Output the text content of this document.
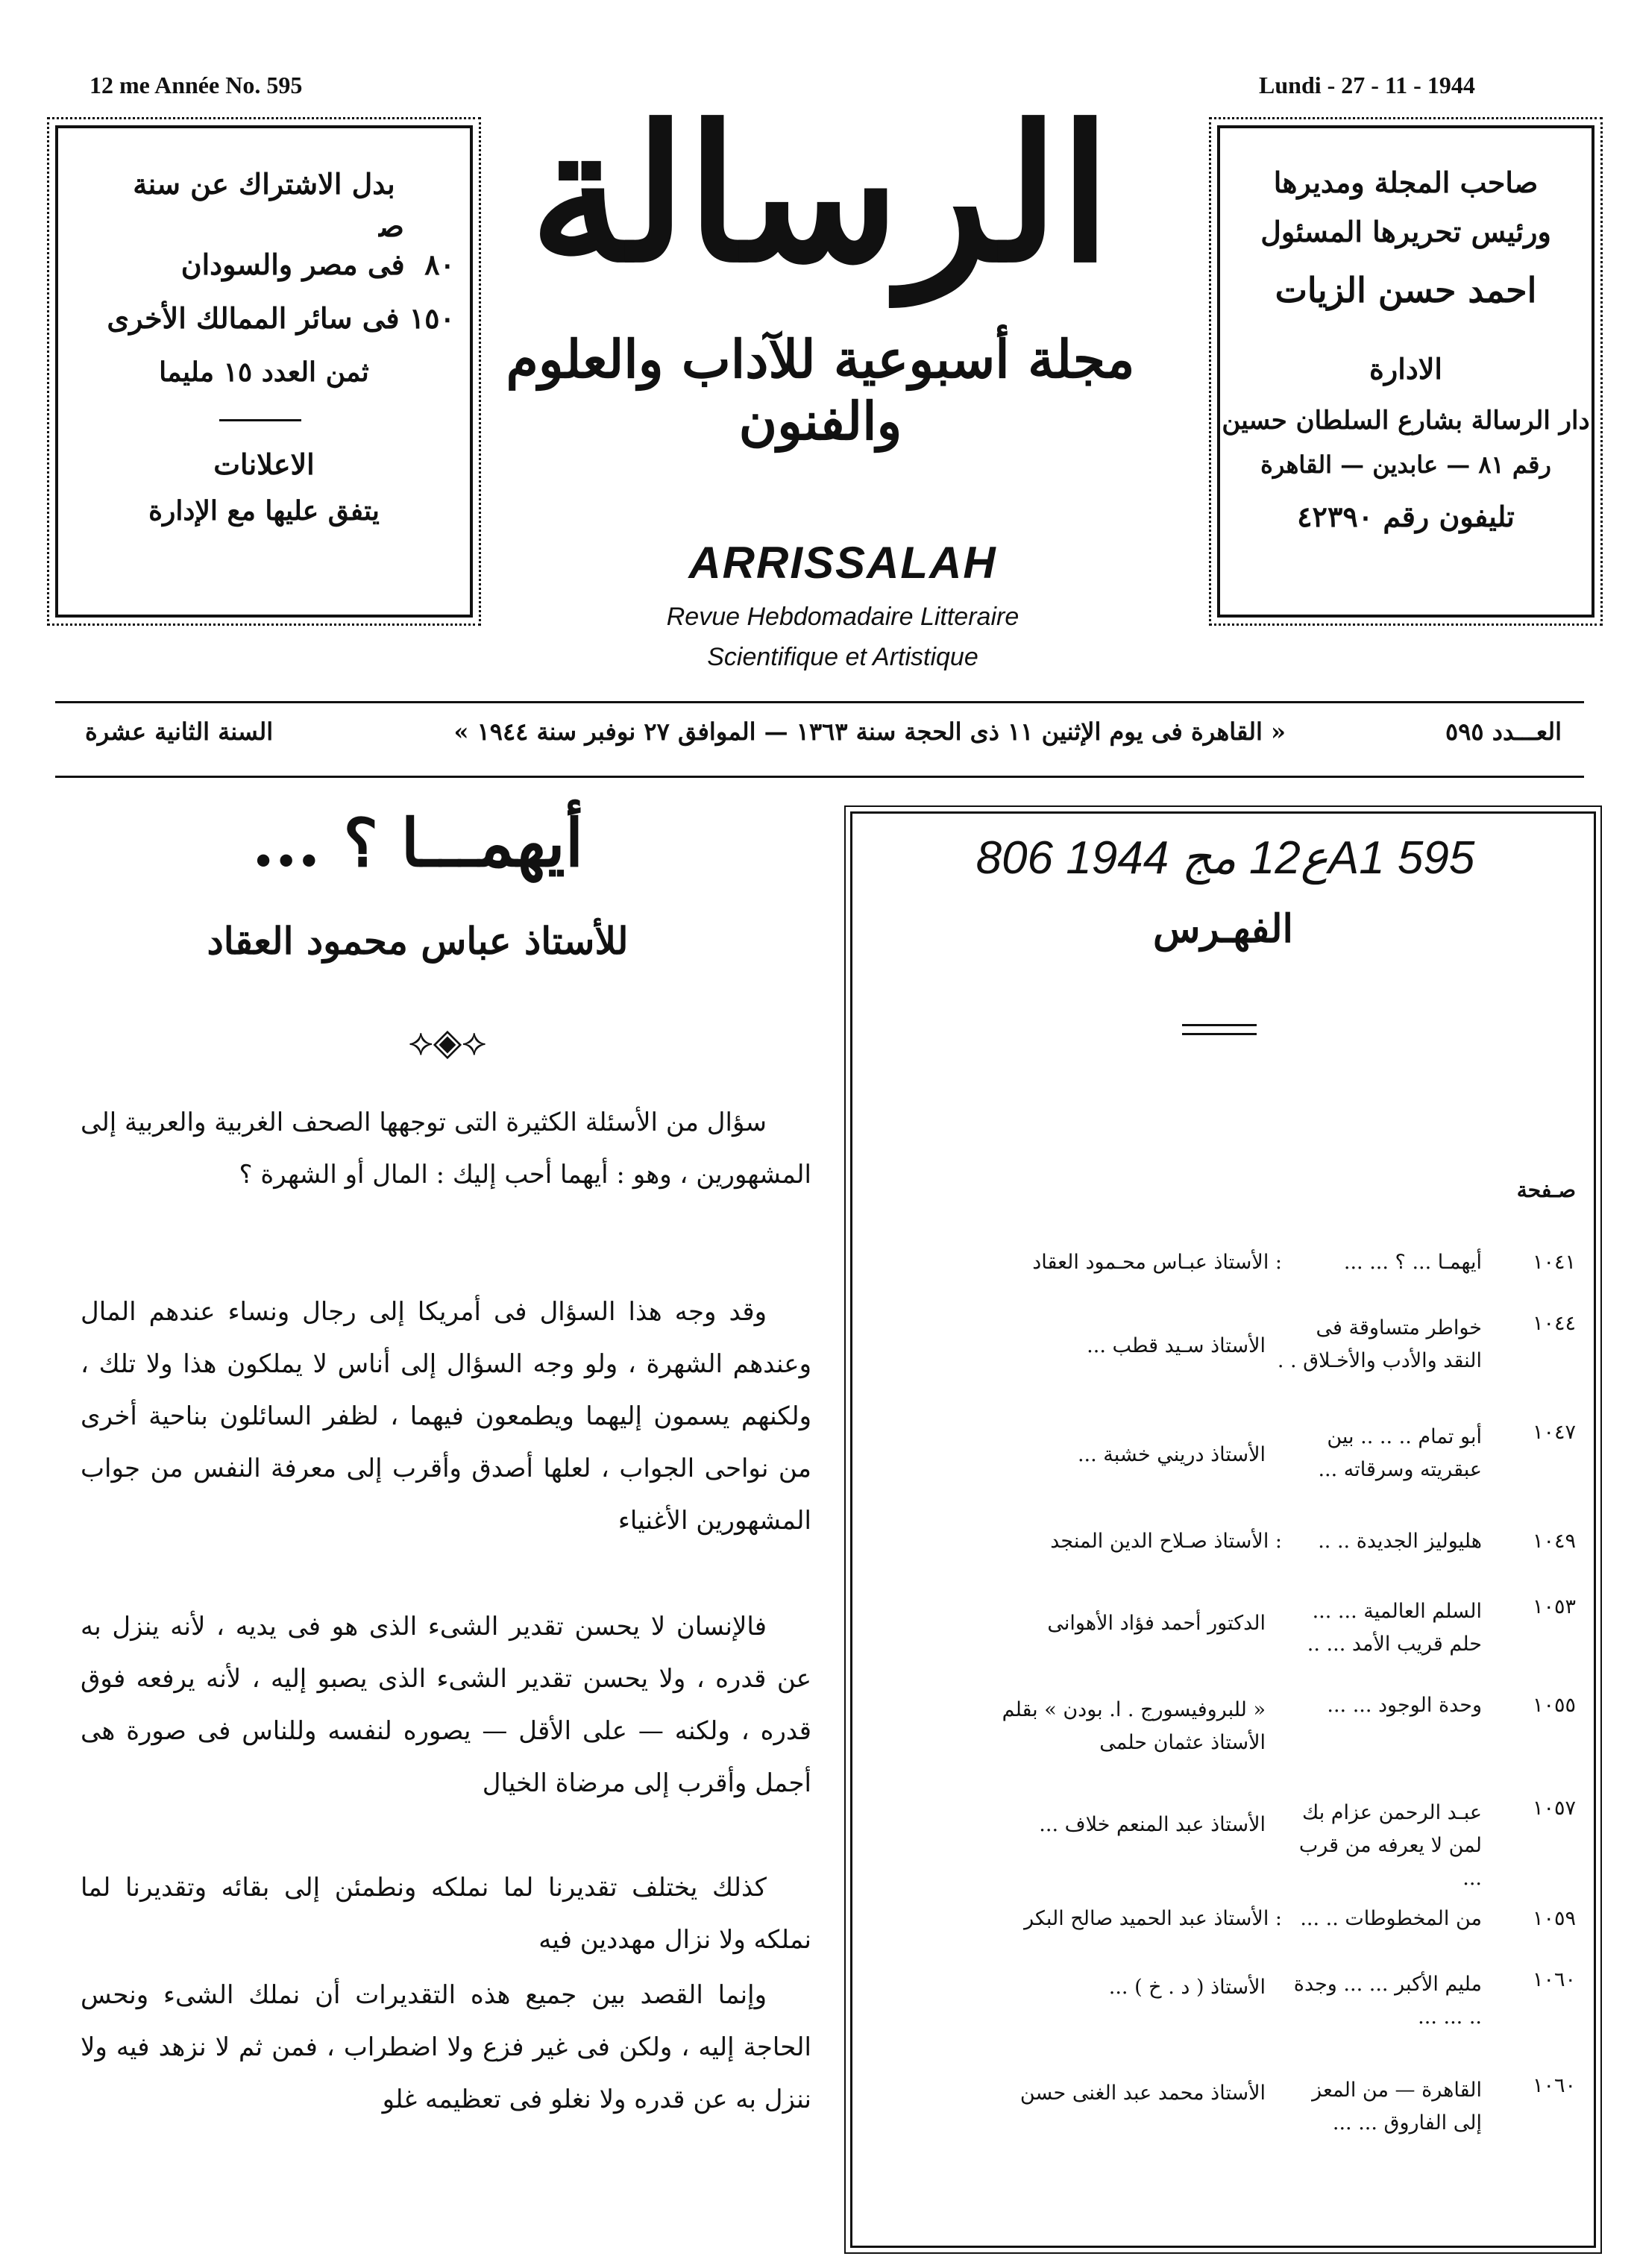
12 me Année No. 595	Lundi - 27 - 11 - 1944
بدل الاشتراك عن سنة
ﺻ
٨٠  فى مصر والسودان
١٥٠ فى سائر الممالك الأخرى
ثمن العدد ١٥ مليما
الاعلانات
يتفق عليها مع الإدارة
الرسالة
مجلة أسبوعية للآداب والعلوم والفنون
ARRISSALAH
Revue Hebdomadaire Litteraire
Scientifique et Artistique
صاحب المجلة ومديرها
ورئيس تحريرها المسئول
احمد حسن الزيات
الادارة
دار الرسالة بشارع السلطان حسين
رقم ٨١ — عابدين — القاهرة
تليفون رقم ٤٢٣٩٠
العـــدد ٥٩٥
« القاهرة فى يوم الإثنين ١١ ذى الحجة سنة ١٣٦٣ — الموافق ٢٧ نوفبر سنة ١٩٤٤ »
السنة الثانية عشرة
أيهمـــا ؟ ...
للأستاذ عباس محمود العقاد
⟡◈⟡
سؤال من الأسئلة الكثيرة التى توجهها الصحف الغربية والعربية إلى المشهورين ، وهو : أيهما أحب إليك : المال أو الشهرة ؟
وقد وجه هذا السؤال فى أمريكا إلى رجال ونساء عندهم المال وعندهم الشهرة ، ولو وجه السؤال إلى أناس لا يملكون هذا ولا تلك ، ولكنهم يسمون إليهما ويطمعون فيهما ، لظفر السائلون بناحية أخرى من نواحى الجواب ، لعلها أصدق وأقرب إلى معرفة النفس من جواب المشهورين الأغنياء
فالإنسان لا يحسن تقدير الشىء الذى هو فى يديه ، لأنه ينزل به عن قدره ، ولا يحسن تقدير الشىء الذى يصبو إليه ، لأنه يرفعه فوق قدره ، ولكنه — على الأقل — يصوره لنفسه وللناس فى صورة هى أجمل وأقرب إلى مرضاة الخيال
كذلك يختلف تقديرنا لما نملكه ونطمئن إلى بقائه وتقديرنا لما نملكه ولا نزال مهددين فيه
وإنما القصد بين جميع هذه التقديرات أن نملك الشىء ونحس الحاجة إليه ، ولكن فى غير فزع ولا اضطراب ، فمن ثم لا نزهد فيه ولا ننزل به عن قدره ولا نغلو فى تعظيمه غلو
A1 595ع12 مج 1944 806
الفهـرس
صـفحة
١٠٤١
أيهمـا ... ؟ ... ...
: الأستاذ عبـاس محـمود العقاد
١٠٤٤
خواطر متساوقة فى النقد والأدب والأخـلاق . .
الأستاذ سـيد قطب ...
١٠٤٧
أبو تمام .. .. .. بين عبقريته وسرقاته ...
الأستاذ دريني خشبة ...
١٠٤٩
هليوليز الجديدة .. ..
: الأستاذ صـلاح الدين المنجد
١٠٥٣
السلم العالمية ... ... حلم قريب الأمد ... ..
الدكتور أحمد فؤاد الأهوانى
١٠٥٥
وحدة الوجود ... ...
« للبروفيسورج . ا. بودن » بقلم الأستاذ عثمان حلمى
١٠٥٧
عبـد الرحمن عزام بك لمن لا يعرفه من قرب ...
الأستاذ عبد المنعم خلاف ...
١٠٥٩
من المخطوطات .. ...
: الأستاذ عبد الحميد صالح البكر
١٠٦٠
مليم الأكبر ... ... وجدة .. ... ...
الأستاذ ( د . خ ) ...
١٠٦٠
القاهرة — من المعز إلى الفاروق ... ...
الأستاذ محمد عبد الغنى حسن
